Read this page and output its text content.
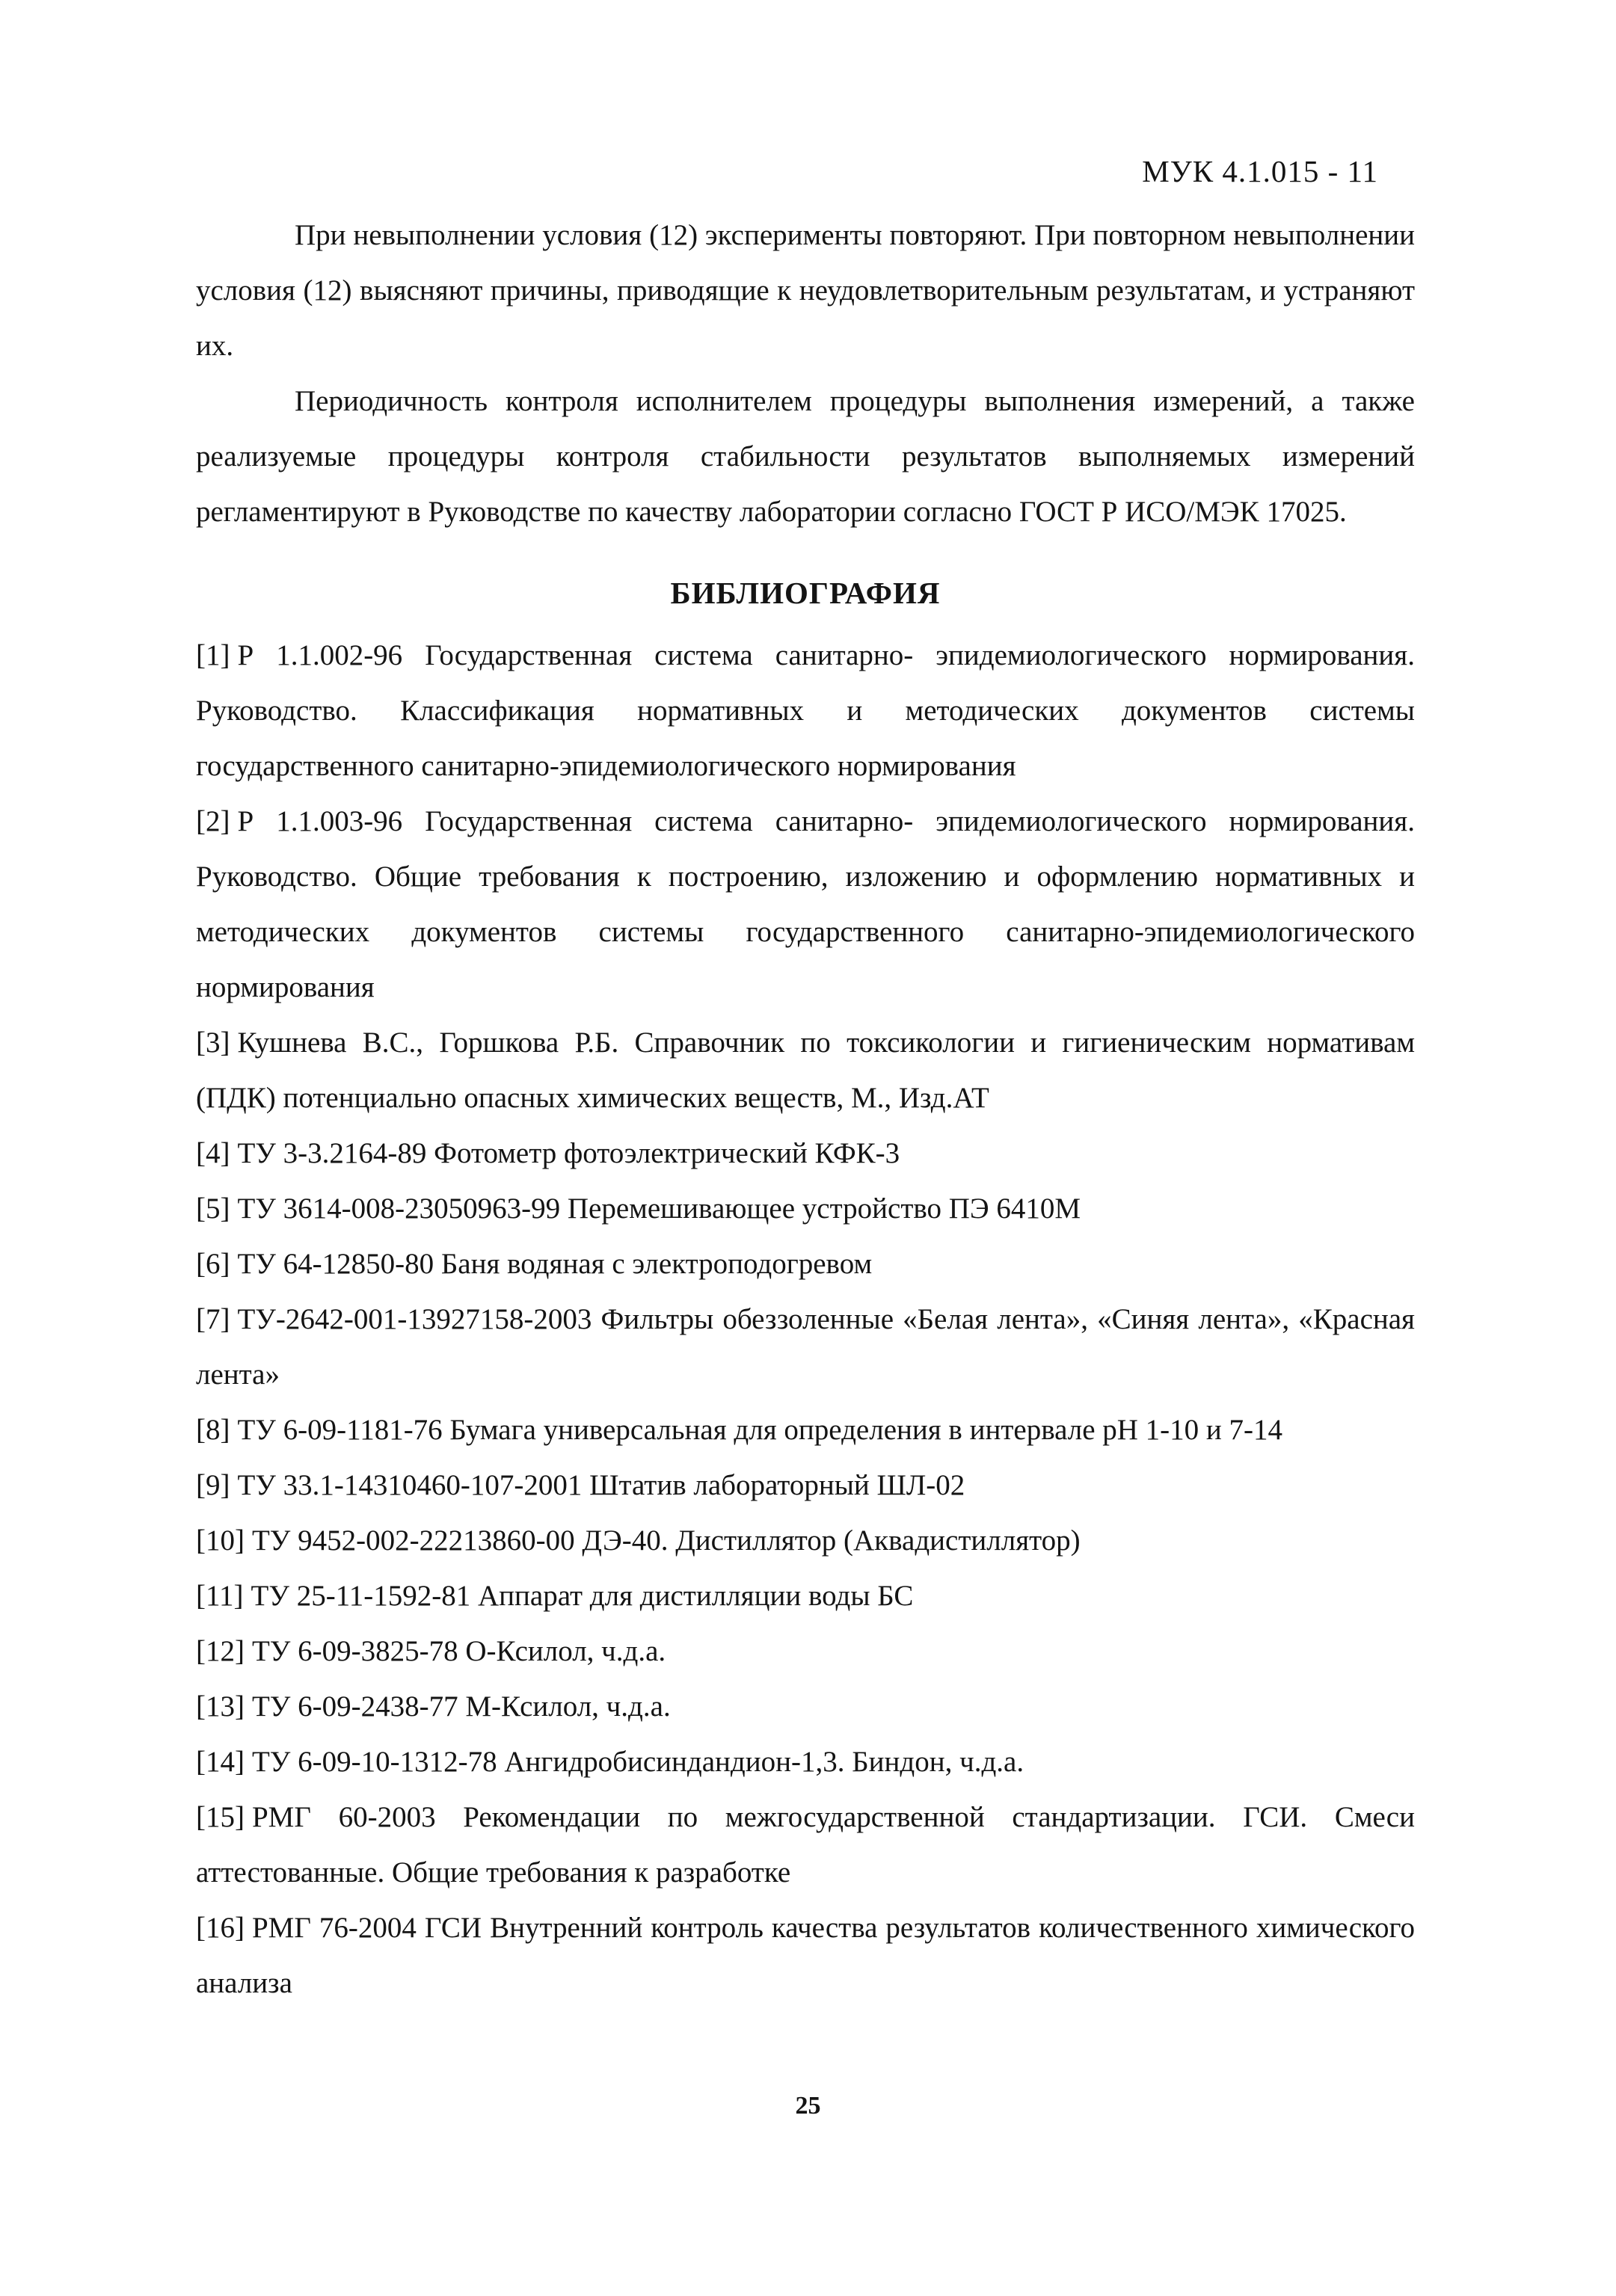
МУК 4.1.015 - 11

При невыполнении условия (12) эксперименты повторяют. При повторном невыполнении условия (12) выясняют причины, приводящие к неудовлетворительным результатам, и устраняют их.

Периодичность контроля исполнителем процедуры выполнения измерений, а также реализуемые процедуры контроля стабильности результатов выполняемых измерений регламентируют в Руководстве по качеству лаборатории согласно ГОСТ Р ИСО/МЭК 17025.

БИБЛИОГРАФИЯ
[1] Р 1.1.002-96 Государственная система санитарно- эпидемиологического нормирования. Руководство. Классификация нормативных и методических документов системы государственного санитарно-эпидемиологического нормирования
[2] Р 1.1.003-96 Государственная система санитарно- эпидемиологического нормирования. Руководство. Общие требования к построению, изложению и оформлению нормативных и методических документов системы государственного санитарно-эпидемиологического нормирования
[3] Кушнева В.С., Горшкова Р.Б. Справочник по токсикологии и гигиеническим нормативам (ПДК) потенциально опасных химических веществ, М., Изд.АТ
[4] ТУ 3-3.2164-89 Фотометр фотоэлектрический КФК-3
[5] ТУ 3614-008-23050963-99 Перемешивающее устройство ПЭ 6410М
[6] ТУ 64-12850-80 Баня водяная с электроподогревом
[7] ТУ-2642-001-13927158-2003 Фильтры обеззоленные «Белая лента», «Синяя лента», «Красная лента»
[8] ТУ 6-09-1181-76 Бумага универсальная для определения в интервале рН 1-10 и 7-14
[9] ТУ 33.1-14310460-107-2001 Штатив лабораторный ШЛ-02
[10] ТУ 9452-002-22213860-00 ДЭ-40. Дистиллятор (Аквадистиллятор)
[11] ТУ 25-11-1592-81 Аппарат для дистилляции воды БС
[12] ТУ 6-09-3825-78 О-Ксилол, ч.д.а.
[13] ТУ 6-09-2438-77 М-Ксилол, ч.д.а.
[14] ТУ 6-09-10-1312-78 Ангидробисиндандион-1,3. Биндон, ч.д.а.
[15] РМГ 60-2003 Рекомендации по межгосударственной стандартизации. ГСИ. Смеси аттестованные. Общие требования к разработке
[16] РМГ 76-2004 ГСИ Внутренний контроль качества результатов количественного химического анализа
25
